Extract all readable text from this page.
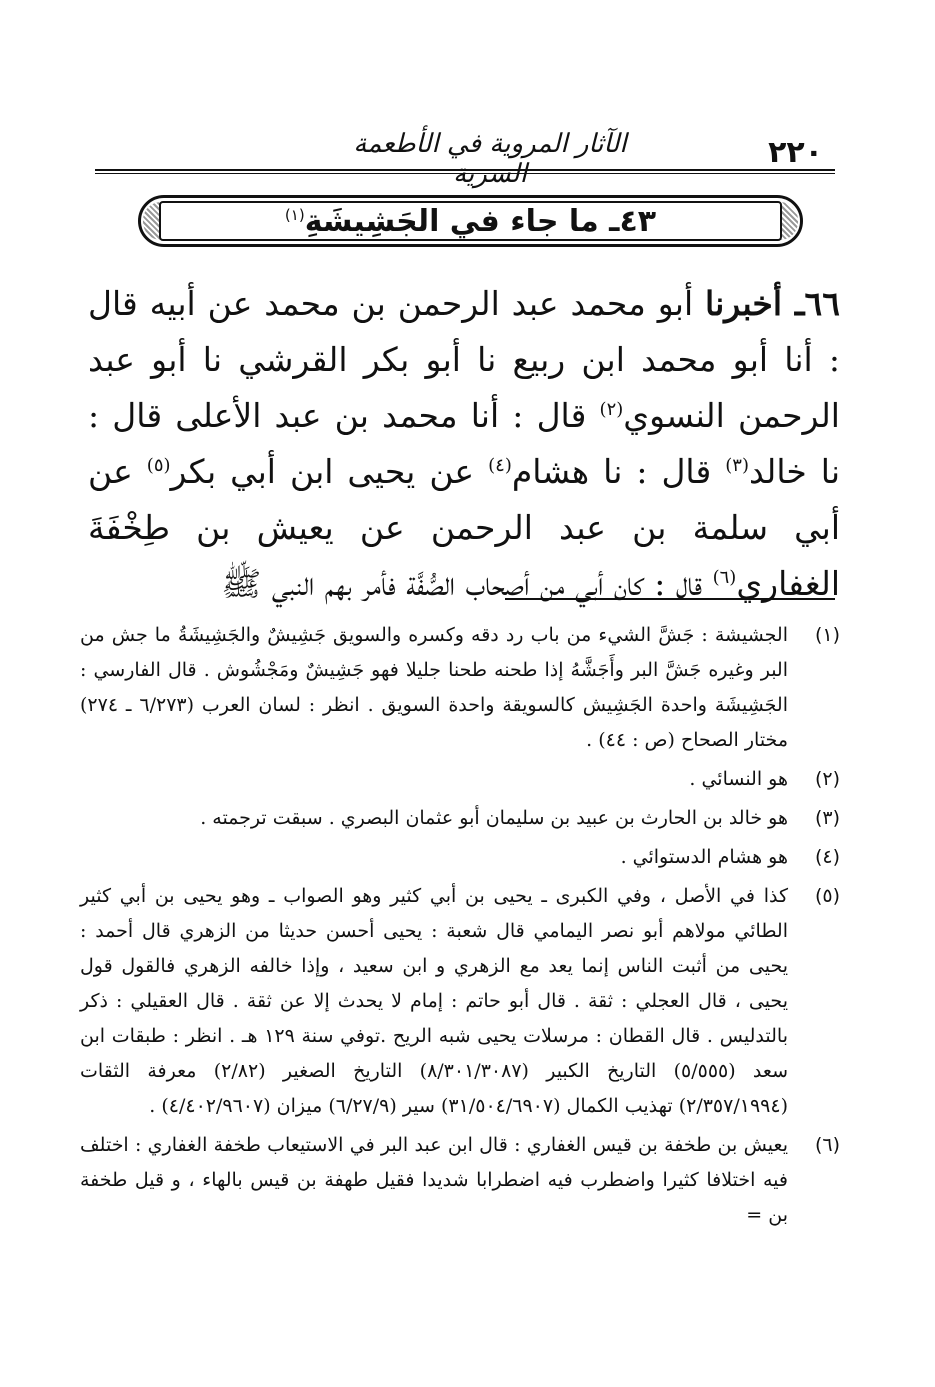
٢٢٠
الآثار المروية في الأطعمة السرية
٤٣ـ ما جاء في الجَشِيشَةِ$^{(١)}$
٦٦ـ أخبرنا أبو محمد عبد الرحمن بن محمد عن أبيه قال : أنا أبو محمد ابن ربيع نا أبو بكر القرشي نا أبو عبد الرحمن النسوي$^{(٢)}$ قال : أنا محمد بن عبد الأعلى قال : نا خالد$^{(٣)}$ قال : نا هشام$^{(٤)}$ عن يحيى ابن أبي بكر$^{(٥)}$ عن أبي سلمة بن عبد الرحمن عن يعيش بن طِخْفَةَ الغفاري$^{(٦)}$ قال : كان أبي من أصحاب الصُّفَّة فأمر بهم النبي ﷺ
(١)
الجشيشة : جَشَّ الشيء من باب رد دقه وكسره والسويق جَشِيشٌ والجَشِيشَةُ ما جش من البر وغيره جَشَّ البر وأَجَشَّهُ إذا طحنه طحنا جليلا فهو جَشِيشٌ ومَجْشُوش . قال الفارسي : الجَشِيشَة واحدة الجَشِيش كالسويقة واحدة السويق . انظر : لسان العرب (٦/٢٧٣ ـ ٢٧٤) مختار الصحاح (ص : ٤٤) .
(٢)
هو النسائي .
(٣)
هو خالد بن الحارث بن عبيد بن سليمان أبو عثمان البصري . سبقت ترجمته .
(٤)
هو هشام الدستوائي .
(٥)
كذا في الأصل ، وفي الكبرى ـ يحيى بن أبي كثير وهو الصواب ـ وهو يحيى بن أبي كثير الطائي مولاهم أبو نصر اليمامي قال شعبة : يحيى أحسن حديثا من الزهري قال أحمد : يحيى من أثبت الناس إنما يعد مع الزهري و ابن سعيد ، وإذا خالفه الزهري فالقول قول يحيى ، قال العجلي : ثقة . قال أبو حاتم : إمام لا يحدث إلا عن ثقة . قال العقيلي : ذكر بالتدليس . قال القطان : مرسلات يحيى شبه الريح .توفي سنة ١٢٩ هـ . انظر : طبقات ابن سعد (٥/٥٥٥) التاريخ الكبير (٨/٣٠١/٣٠٨٧) التاريخ الصغير (٢/٨٢) معرفة الثقات (٢/٣٥٧/١٩٩٤) تهذيب الكمال (٣١/٥٠٤/٦٩٠٧) سير (٦/٢٧/٩) ميزان (٤/٤٠٢/٩٦٠٧) .
(٦)
يعيش بن طخفة بن قيس الغفاري : قال ابن عبد البر في الاستيعاب طخفة الغفاري : اختلف فيه اختلافا كثيرا واضطرب فيه اضطرابا شديدا فقيل طهفة بن قيس بالهاء ، و قيل طخفة بن =
